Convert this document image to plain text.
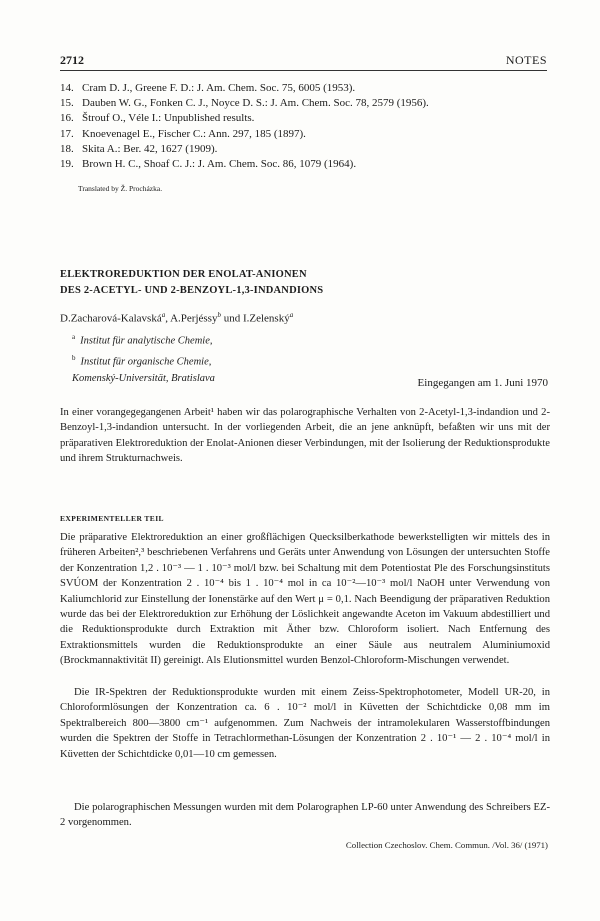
2712	NOTES
14. Cram D. J., Greene F. D.: J. Am. Chem. Soc. 75, 6005 (1953).
15. Dauben W. G., Fonken C. J., Noyce D. S.: J. Am. Chem. Soc. 78, 2579 (1956).
16. Štrouf O., Véle I.: Unpublished results.
17. Knoevenagel E., Fischer C.: Ann. 297, 185 (1897).
18. Skita A.: Ber. 42, 1627 (1909).
19. Brown H. C., Shoaf C. J.: J. Am. Chem. Soc. 86, 1079 (1964).
Translated by Ž. Procházka.
ELEKTROREDUKTION DER ENOLAT-ANIONEN
DES 2-ACETYL- UND 2-BENZOYL-1,3-INDANDIONS
D.Zacharová-Kalavská$^a$, A.Perjéssy$^b$ und I.Zelenský$^a$
$^a$ Institut für analytische Chemie,
$^b$ Institut für organische Chemie,
Komenský-Universität, Bratislava	Eingegangen am 1. Juni 1970
In einer vorangegegangenen Arbeit¹ haben wir das polarographische Verhalten von 2-Acetyl-1,3-indandion und 2-Benzoyl-1,3-indandion untersucht. In der vorliegenden Arbeit, die an jene anknüpft, befaßten wir uns mit der präparativen Elektroreduktion der Enolat-Anionen dieser Verbindungen, mit der Isolierung der Reduktionsprodukte und ihrem Strukturnachweis.
EXPERIMENTELLER TEIL
Die präparative Elektroreduktion an einer großflächigen Quecksilberkathode bewerkstelligten wir mittels des in früheren Arbeiten²,³ beschriebenen Verfahrens und Geräts unter Anwendung von Lösungen der untersuchten Stoffe der Konzentration 1,2 . 10⁻³ — 1 . 10⁻³ mol/l bzw. bei Schaltung mit dem Potentiostat Ple des Forschungsinstituts SVÚOM der Konzentration 2 . 10⁻⁴ bis 1 . 10⁻⁴ mol in ca 10⁻²—10⁻³ mol/l NaOH unter Verwendung von Kaliumchlorid zur Einstellung der Ionenstärke auf den Wert μ = 0,1. Nach Beendigung der präparativen Reduktion wurde das bei der Elektroreduktion zur Erhöhung der Löslichkeit angewandte Aceton im Vakuum abdestilliert und die Reduktionsprodukte durch Extraktion mit Äther bzw. Chloroform isoliert. Nach Entfernung des Extraktionsmittels wurden die Reduktionsprodukte an einer Säule aus neutralem Aluminiumoxid (Brockmannaktivität II) gereinigt. Als Elutionsmittel wurden Benzol-Chloroform-Mischungen verwendet.
Die IR-Spektren der Reduktionsprodukte wurden mit einem Zeiss-Spektrophotometer, Modell UR-20, in Chloroformlösungen der Konzentration ca. 6 . 10⁻² mol/l in Küvetten der Schichtdicke 0,08 mm im Spektralbereich 800—3800 cm⁻¹ aufgenommen. Zum Nachweis der intramolekularen Wasserstoffbindungen wurden die Spektren der Stoffe in Tetrachlormethan-Lösungen der Konzentration 2 . 10⁻¹ — 2 . 10⁻⁴ mol/l in Küvetten der Schichtdicke 0,01—10 cm gemessen.
Die polarographischen Messungen wurden mit dem Polarographen LP-60 unter Anwendung des Schreibers EZ-2 vorgenommen.
Collection Czechoslov. Chem. Commun. /Vol. 36/ (1971)
